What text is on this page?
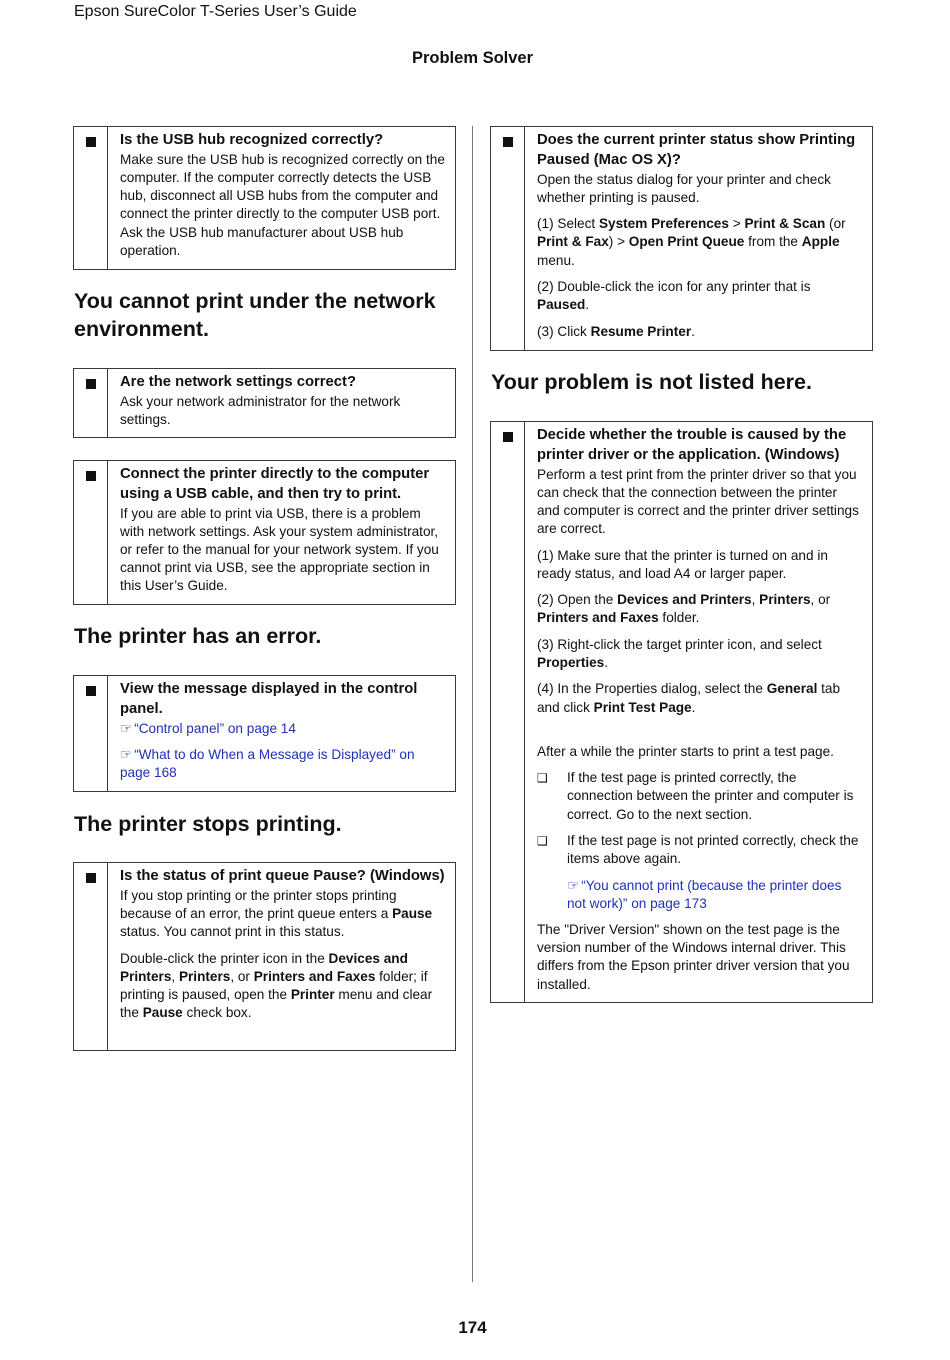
Epson SureColor T-Series User’s Guide
Problem Solver

Is the USB hub recognized correctly?

Make sure the USB hub is recognized correctly on the computer. If the computer correctly detects the USB hub, disconnect all USB hubs from the computer and connect the printer directly to the computer USB port. Ask the USB hub manufacturer about USB hub operation.

You cannot print under the network environment.

Are the network settings correct?

Ask your network administrator for the network settings.

Connect the printer directly to the computer using a USB cable, and then try to print.

If you are able to print via USB, there is a problem with network settings. Ask your system administrator, or refer to the manual for your network system. If you cannot print via USB, see the appropriate section in this User’s Guide.

The printer has an error.

View the message displayed in the control panel.

☞ “Control panel” on page 14
☞ “What to do When a Message is Displayed” on page 168
The printer stops printing.

Is the status of print queue Pause? (Windows)

If you stop printing or the printer stops printing because of an error, the print queue enters a Pause status. You cannot print in this status.

Double-click the printer icon in the Devices and Printers, Printers, or Printers and Faxes folder; if printing is paused, open the Printer menu and clear the Pause check box.

Does the current printer status show Printing Paused (Mac OS X)?

Open the status dialog for your printer and check whether printing is paused.

(1) Select System Preferences > Print & Scan (or Print & Fax) > Open Print Queue from the Apple menu.

(2) Double-click the icon for any printer that is Paused.

(3) Click Resume Printer.

Your problem is not listed here.

Decide whether the trouble is caused by the printer driver or the application. (Windows)

Perform a test print from the printer driver so that you can check that the connection between the printer and computer is correct and the printer driver settings are correct.

(1) Make sure that the printer is turned on and in ready status, and load A4 or larger paper.

(2) Open the Devices and Printers, Printers, or Printers and Faxes folder.

(3) Right-click the target printer icon, and select Properties.

(4) In the Properties dialog, select the General tab and click Print Test Page.

After a while the printer starts to print a test page.

❑ If the test page is printed correctly, the connection between the printer and computer is correct. Go to the next section.
❑ If the test page is not printed correctly, check the items above again.
☞ “You cannot print (because the printer does not work)” on page 173

The "Driver Version" shown on the test page is the version number of the Windows internal driver. This differs from the Epson printer driver version that you installed.

174
